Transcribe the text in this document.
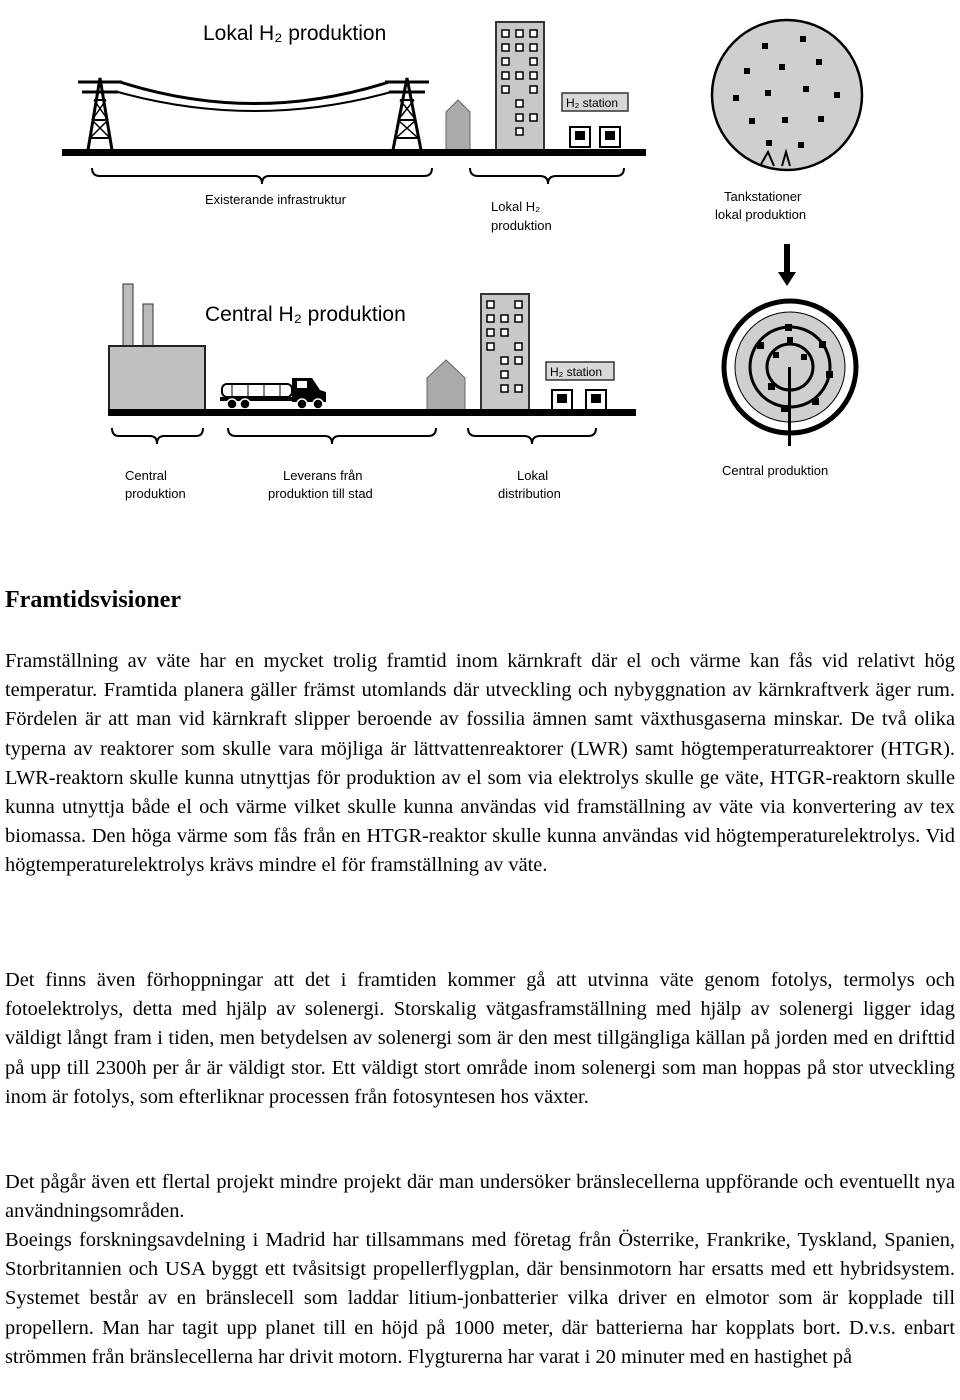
Lokal H₂ produktion
H₂ station
Existerande infrastruktur	Lokal H₂
produktion
Tankstationer
lokal produktion
Central H₂ produktion
H₂ station
Central
produktion
Leverans från
produktion till stad
Lokal
distribution
Central produktion
Framtidsvisioner

Framställning av väte har en mycket trolig framtid inom kärnkraft där el och värme kan fås vid relativt hög temperatur. Framtida planera gäller främst utomlands där utveckling och nybyggnation av kärnkraftverk äger rum. Fördelen är att man vid kärnkraft slipper beroende av fossilia ämnen samt växthusgaserna minskar. De två olika typerna av reaktorer som skulle vara möjliga är lättvattenreaktorer (LWR) samt högtemperaturreaktorer (HTGR). LWR-reaktorn skulle kunna utnyttjas för produktion av el som via elektrolys skulle ge väte, HTGR-reaktorn skulle kunna utnyttja både el och värme vilket skulle kunna användas vid framställning av väte via konvertering av tex biomassa. Den höga värme som fås från en HTGR-reaktor skulle kunna användas vid högtemperaturelektrolys. Vid högtemperaturelektrolys krävs mindre el för framställning av väte.

Det finns även förhoppningar att det i framtiden kommer gå att utvinna väte genom fotolys, termolys och fotoelektrolys, detta med hjälp av solenergi. Storskalig vätgasframställning med hjälp av solenergi ligger idag väldigt långt fram i tiden, men betydelsen av solenergi som är den mest tillgängliga källan på jorden med en drifttid på upp till 2300h per år är väldigt stor. Ett väldigt stort område inom solenergi som man hoppas på stor utveckling inom är fotolys, som efterliknar processen från fotosyntesen hos växter.

Det pågår även ett flertal projekt mindre projekt där man undersöker bränslecellerna uppförande och eventuellt nya användningsområden.

Boeings forskningsavdelning i Madrid har tillsammans med företag från Österrike, Frankrike, Tyskland, Spanien, Storbritannien och USA byggt ett tvåsitsigt propellerflygplan, där bensinmotorn har ersatts med ett hybridsystem. Systemet består av en bränslecell som laddar litium-jonbatterier vilka driver en elmotor som är kopplade till propellern. Man har tagit upp planet till en höjd på 1000 meter, där batterierna har kopplats bort. D.v.s. enbart strömmen från bränslecellerna har drivit motorn. Flygturerna har varat i 20 minuter med en hastighet på
